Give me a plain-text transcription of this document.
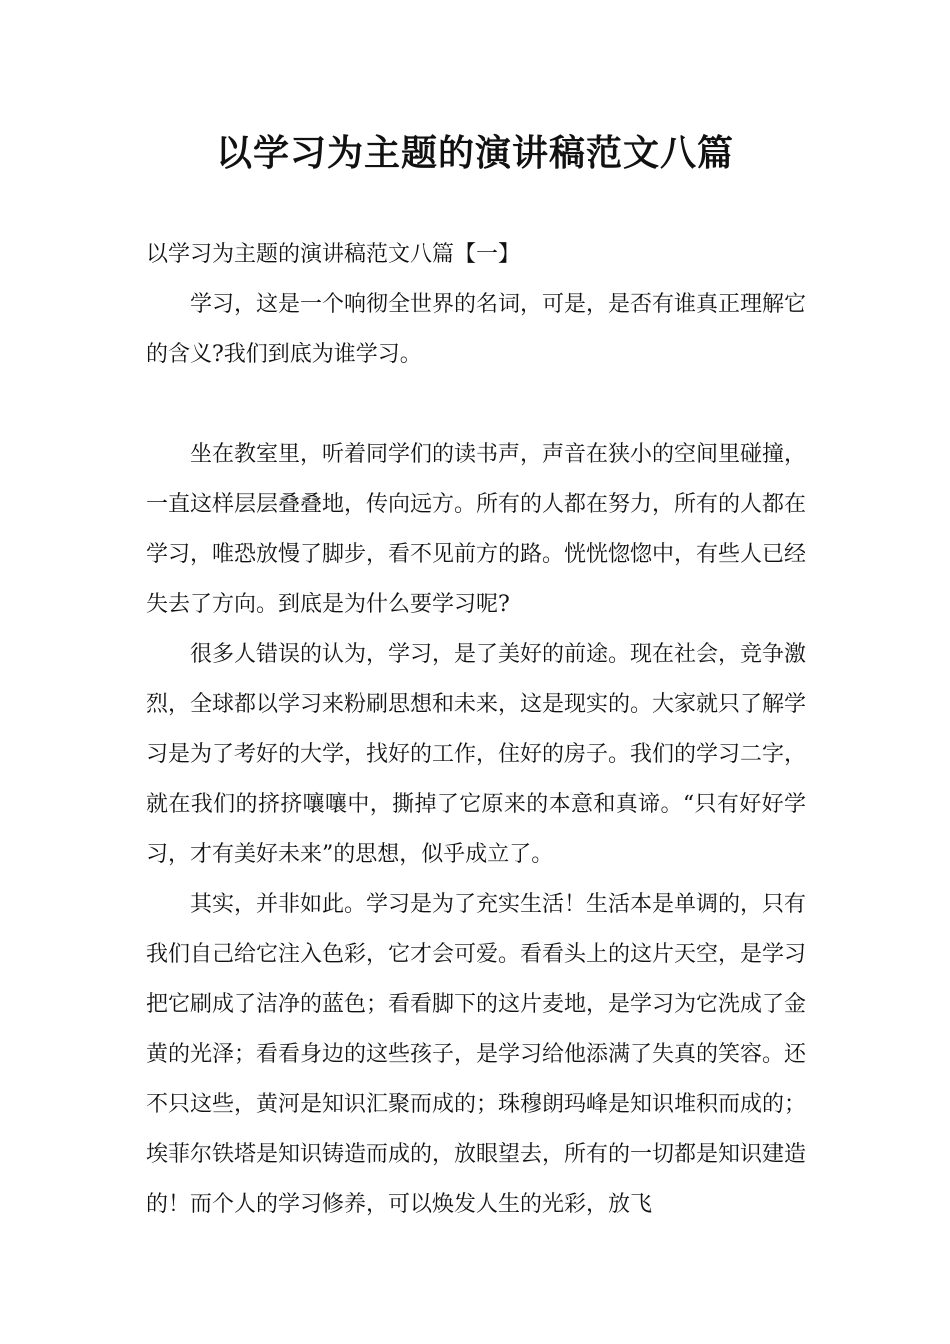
以学习为主题的演讲稿范文八篇

以学习为主题的演讲稿范文八篇【一】

学习，这是一个响彻全世界的名词，可是，是否有谁真正理解它的含义?我们到底为谁学习。

坐在教室里，听着同学们的读书声，声音在狭小的空间里碰撞，一直这样层层叠叠地，传向远方。所有的人都在努力，所有的人都在学习，唯恐放慢了脚步，看不见前方的路。恍恍惚惚中，有些人已经失去了方向。到底是为什么要学习呢?

很多人错误的认为，学习，是了美好的前途。现在社会，竞争激烈，全球都以学习来粉刷思想和未来，这是现实的。大家就只了解学习是为了考好的大学，找好的工作，住好的房子。我们的学习二字，就在我们的挤挤嚷嚷中，撕掉了它原来的本意和真谛。“只有好好学习，才有美好未来”的思想，似乎成立了。

其实，并非如此。学习是为了充实生活！生活本是单调的，只有我们自己给它注入色彩，它才会可爱。看看头上的这片天空，是学习把它刷成了洁净的蓝色；看看脚下的这片麦地，是学习为它洗成了金黄的光泽；看看身边的这些孩子，是学习给他添满了失真的笑容。还不只这些，黄河是知识汇聚而成的；珠穆朗玛峰是知识堆积而成的；埃菲尔铁塔是知识铸造而成的，放眼望去，所有的一切都是知识建造的！而个人的学习修养，可以焕发人生的光彩，放飞
